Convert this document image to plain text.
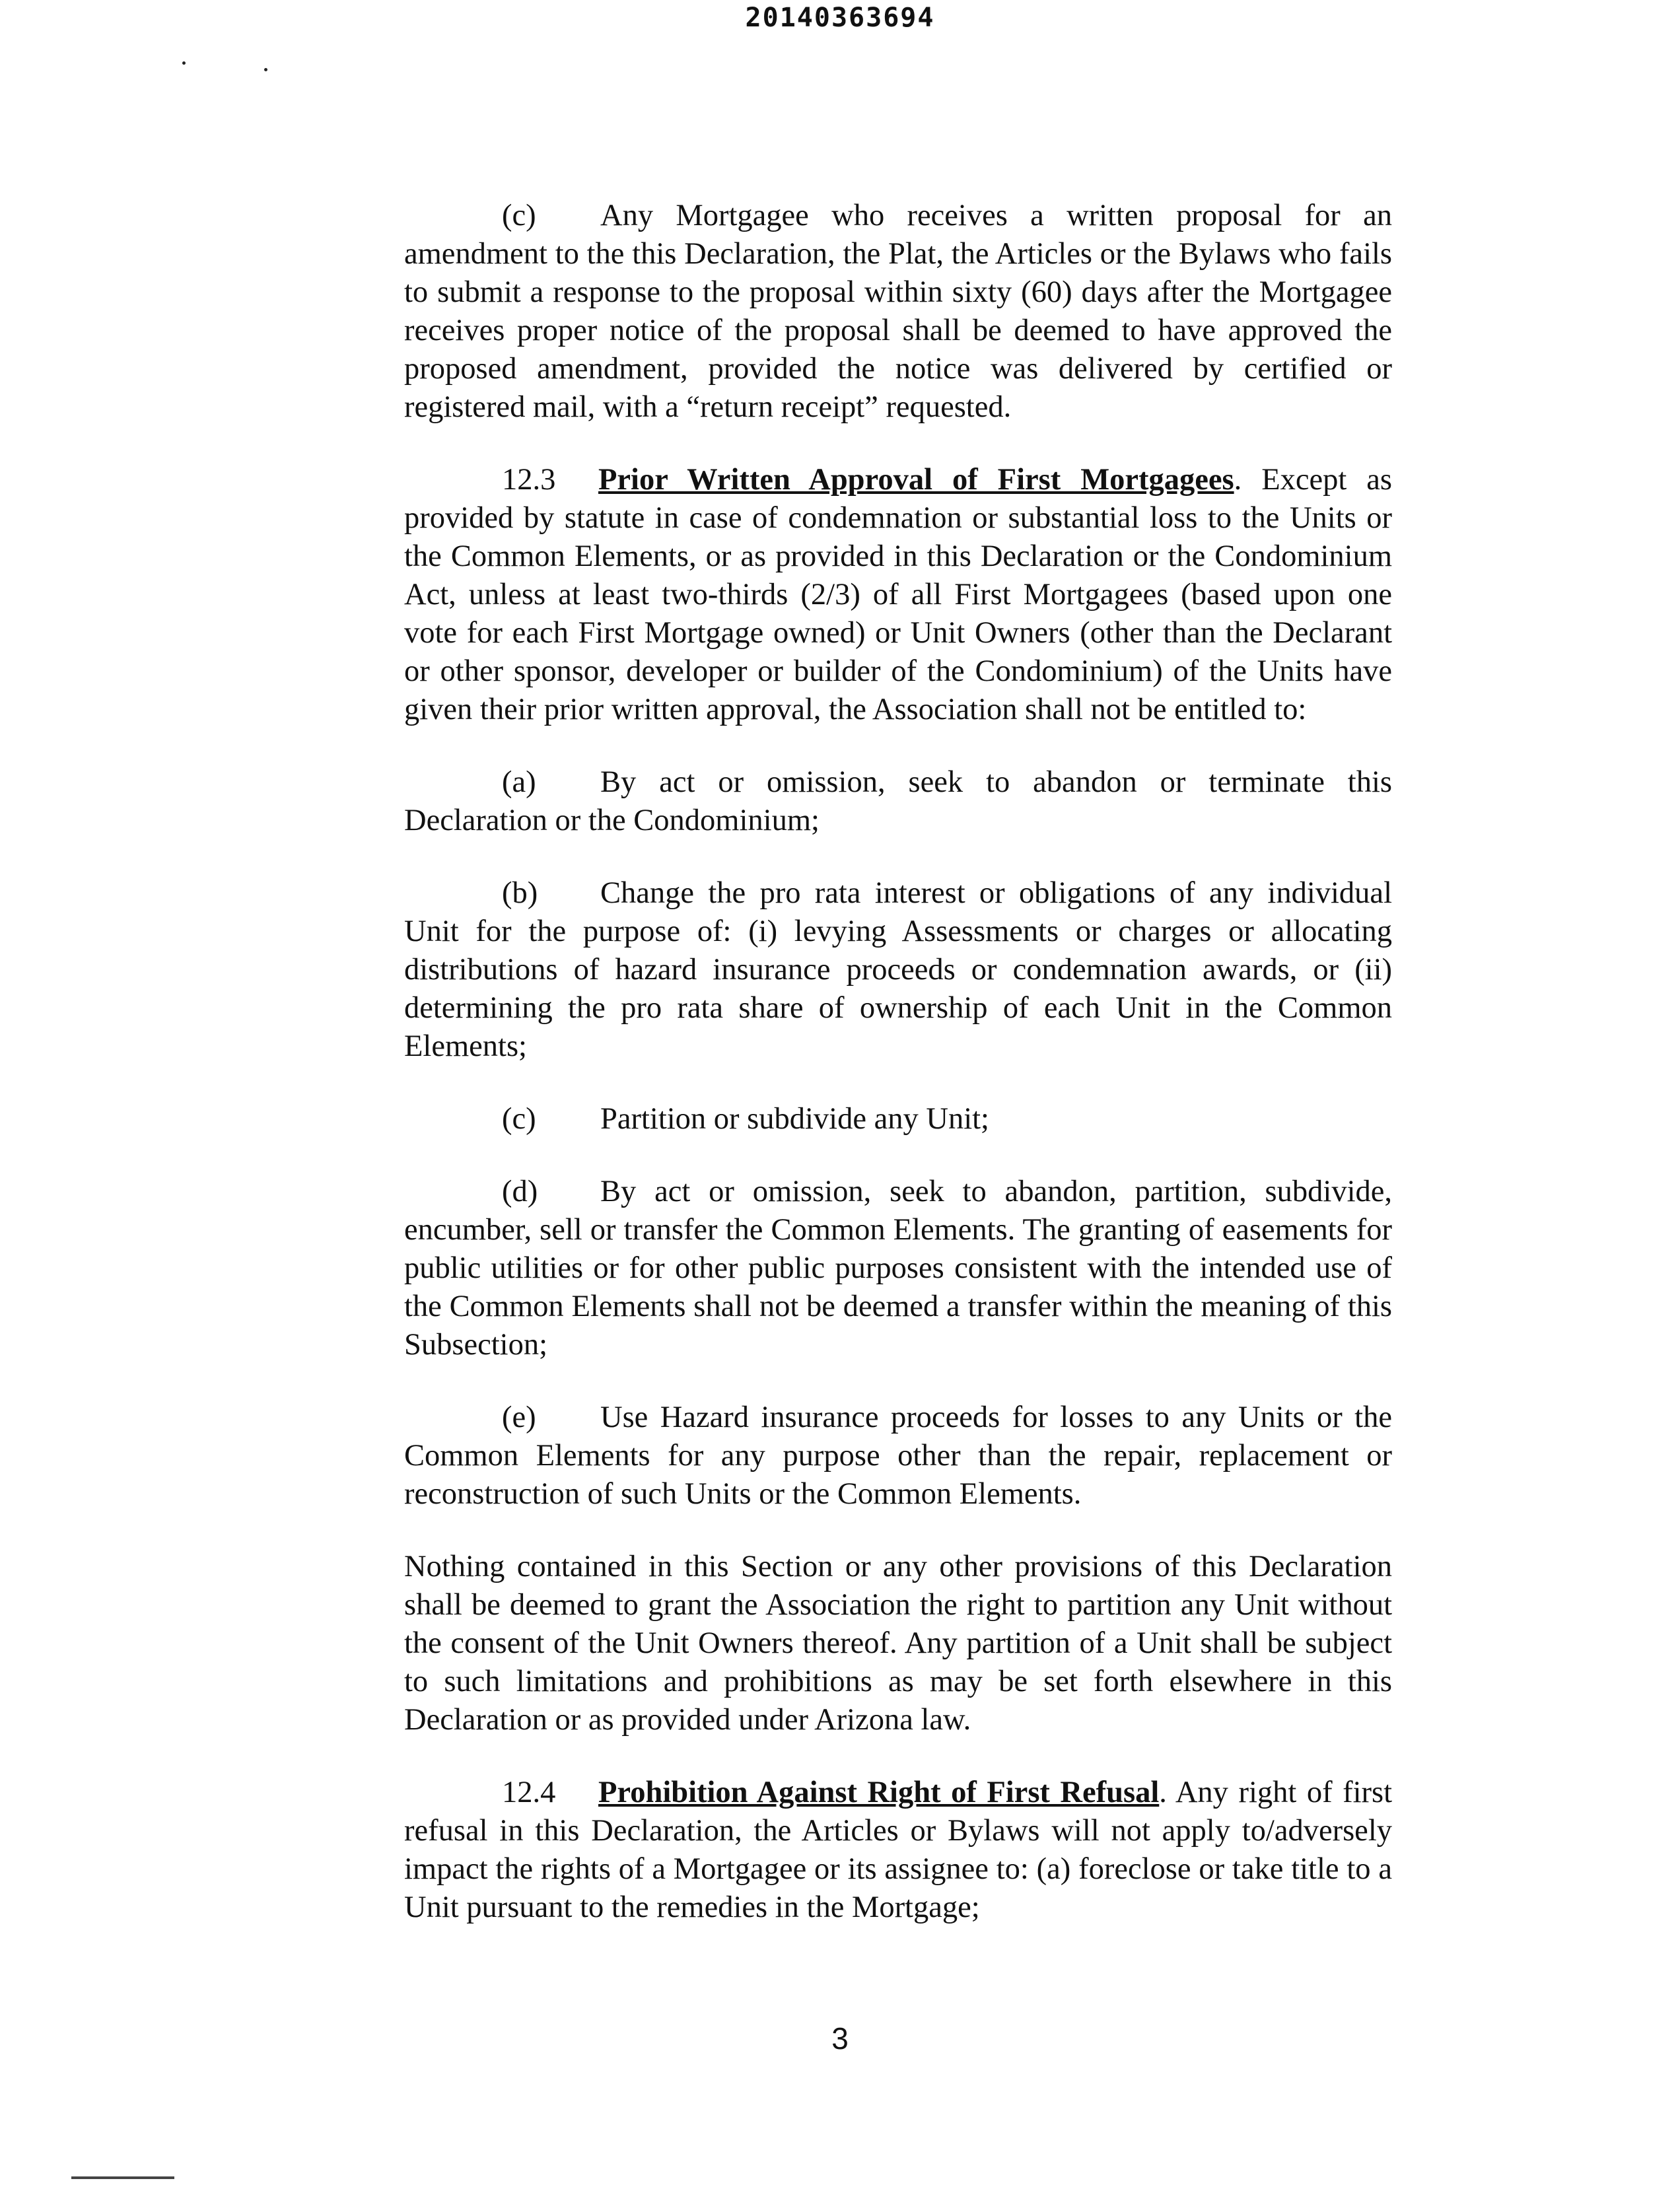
20140363694

(c) Any Mortgagee who receives a written proposal for an amendment to the this Declaration, the Plat, the Articles or the Bylaws who fails to submit a response to the proposal within sixty (60) days after the Mortgagee receives proper notice of the proposal shall be deemed to have approved the proposed amendment, provided the notice was delivered by certified or registered mail, with a “return receipt” requested.

12.3 Prior Written Approval of First Mortgagees. Except as provided by statute in case of condemnation or substantial loss to the Units or the Common Elements, or as provided in this Declaration or the Condominium Act, unless at least two-thirds (2/3) of all First Mortgagees (based upon one vote for each First Mortgage owned) or Unit Owners (other than the Declarant or other sponsor, developer or builder of the Condominium) of the Units have given their prior written approval, the Association shall not be entitled to:

(a) By act or omission, seek to abandon or terminate this Declaration or the Condominium;

(b) Change the pro rata interest or obligations of any individual Unit for the purpose of: (i) levying Assessments or charges or allocating distributions of hazard insurance proceeds or condemnation awards, or (ii) determining the pro rata share of ownership of each Unit in the Common Elements;

(c) Partition or subdivide any Unit;

(d) By act or omission, seek to abandon, partition, subdivide, encumber, sell or transfer the Common Elements. The granting of easements for public utilities or for other public purposes consistent with the intended use of the Common Elements shall not be deemed a transfer within the meaning of this Subsection;

(e) Use Hazard insurance proceeds for losses to any Units or the Common Elements for any purpose other than the repair, replacement or reconstruction of such Units or the Common Elements.

Nothing contained in this Section or any other provisions of this Declaration shall be deemed to grant the Association the right to partition any Unit without the consent of the Unit Owners thereof. Any partition of a Unit shall be subject to such limitations and prohibitions as may be set forth elsewhere in this Declaration or as provided under Arizona law.

12.4 Prohibition Against Right of First Refusal. Any right of first refusal in this Declaration, the Articles or Bylaws will not apply to/adversely impact the rights of a Mortgagee or its assignee to: (a) foreclose or take title to a Unit pursuant to the remedies in the Mortgage;

3
